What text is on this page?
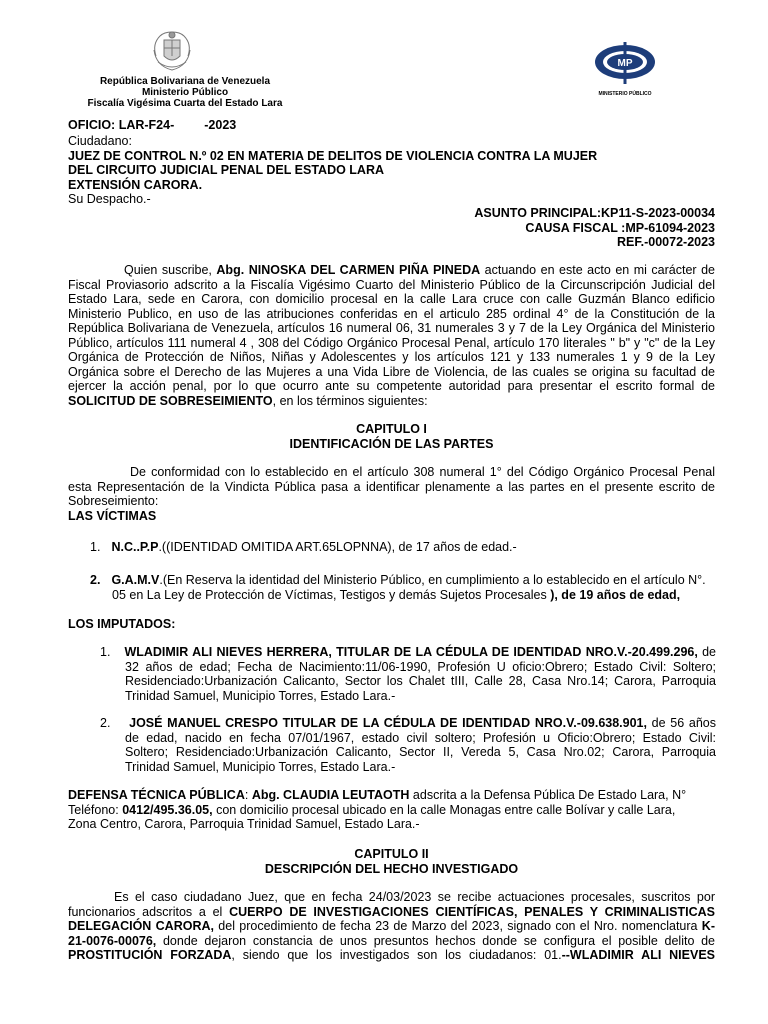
República Bolivariana de Venezuela
Ministerio Público
Fiscalía Vigésima Cuarta del Estado Lara
MP
MINISTERIO PÚBLICO
OFICIO: LAR-F24- -2023
Ciudadano:
JUEZ DE CONTROL N.º 02 EN MATERIA DE DELITOS DE VIOLENCIA CONTRA LA MUJER
DEL CIRCUITO JUDICIAL PENAL DEL ESTADO LARA
EXTENSIÓN CARORA.
Su Despacho.-
ASUNTO PRINCIPAL:KP11-S-2023-00034
CAUSA FISCAL :MP-61094-2023
REF.-00072-2023
Quien suscribe, Abg. NINOSKA DEL CARMEN PIÑA PINEDA actuando en este acto en mi carácter de
Fiscal Proviasorio adscrito a la Fiscalía Vigésimo Cuarto del Ministerio Público de la Circunscripción Judicial del
Estado Lara, sede en Carora, con domicilio procesal en la calle Lara cruce con calle Guzmán Blanco edificio
Ministerio Publico, en uso de las atribuciones conferidas en el articulo 285 ordinal 4° de la Constitución de la
República Bolivariana de Venezuela, artículos 16 numeral 06, 31 numerales 3 y 7 de la Ley Orgánica del Ministerio
Público, artículos 111 numeral 4 , 308 del Código Orgánico Procesal Penal, artículo 170 literales " b" y "c" de la Ley
Orgánica de Protección de Niños, Niñas y Adolescentes y los artículos 121 y 133 numerales 1 y 9 de la Ley
Orgánica sobre el Derecho de las Mujeres a una Vida Libre de Violencia, de las cuales se origina su facultad de
ejercer la acción penal, por lo que ocurro ante su competente autoridad para presentar el escrito formal de
SOLICITUD DE SOBRESEIMIENTO, en los términos siguientes:
CAPITULO I
IDENTIFICACIÓN DE LAS PARTES
De conformidad con lo establecido en el artículo 308 numeral 1° del Código Orgánico Procesal Penal
esta Representación de la Vindicta Pública pasa a identificar plenamente a las partes en el presente escrito de
Sobreseimiento:
LAS VÍCTIMAS
1. N.C..P.P.((IDENTIDAD OMITIDA ART.65LOPNNA), de 17 años de edad.-
2. G.A.M.V.(En Reserva la identidad del Ministerio Público, en cumplimiento a lo establecido en el artículo N°.
05 en La Ley de Protección de Víctimas, Testigos y demás Sujetos Procesales ), de 19 años de edad,
LOS IMPUTADOS:
1. WLADIMIR ALI NIEVES HERRERA, TITULAR DE LA CÉDULA DE IDENTIDAD NRO.V.-20.499.296, de
32 años de edad; Fecha de Nacimiento:11/06-1990, Profesión U oficio:Obrero; Estado Civil: Soltero;
Residenciado:Urbanización Calicanto, Sector los Chalet tIII, Calle 28, Casa Nro.14; Carora, Parroquia
Trinidad Samuel, Municipio Torres, Estado Lara.-
2. JOSÉ MANUEL CRESPO TITULAR DE LA CÉDULA DE IDENTIDAD NRO.V.-09.638.901, de 56 años
de edad, nacido en fecha 07/01/1967, estado civil soltero; Profesión u Oficio:Obrero; Estado Civil:
Soltero; Residenciado:Urbanización Calicanto, Sector II, Vereda 5, Casa Nro.02; Carora, Parroquia
Trinidad Samuel, Municipio Torres, Estado Lara.-
DEFENSA TÉCNICA PÚBLICA: Abg. CLAUDIA LEUTAOTH adscrita a la Defensa Pública De Estado Lara, N°
Teléfono: 0412/495.36.05, con domicilio procesal ubicado en la calle Monagas entre calle Bolívar y calle Lara,
Zona Centro, Carora, Parroquia Trinidad Samuel, Estado Lara.-
CAPITULO II
DESCRIPCIÓN DEL HECHO INVESTIGADO
Es el caso ciudadano Juez, que en fecha 24/03/2023 se recibe actuaciones procesales, suscritos por
funcionarios adscritos a el CUERPO DE INVESTIGACIONES CIENTÍFICAS, PENALES Y CRIMINALISTICAS
DELEGACIÓN CARORA, del procedimiento de fecha 23 de Marzo del 2023, signado con el Nro. nomenclatura K-
21-0076-00076, donde dejaron constancia de unos presuntos hechos donde se configura el posible delito de
PROSTITUCIÓN FORZADA, siendo que los investigados son los ciudadanos: 01.--WLADIMIR ALI NIEVES
